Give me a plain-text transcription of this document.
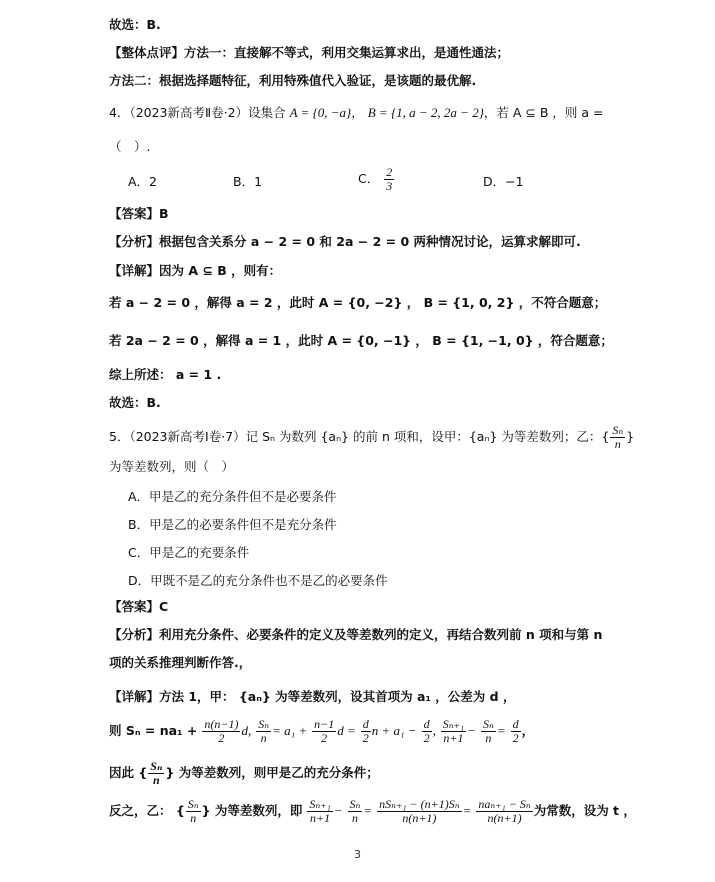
故选：B.
【整体点评】方法一：直接解不等式，利用交集运算求出，是通性通法；
方法二：根据选择题特征，利用特殊值代入验证，是该题的最优解.
4．（2023新高考Ⅱ卷·2）设集合 A = {0, −a}， B = {1, a − 2, 2a − 2}，若 A ⊆ B ，则 a =
（　）.
A．2	B．1	C． $\frac{2}{3}$	D．−1
【答案】B
【分析】根据包含关系分 a − 2 = 0 和 2a − 2 = 0 两种情况讨论，运算求解即可.
【详解】因为 A ⊆ B ，则有：
若 a − 2 = 0 ，解得 a = 2 ，此时 A = {0, −2} ， B = {1, 0, 2} ，不符合题意；
若 2a − 2 = 0 ，解得 a = 1 ，此时 A = {0, −1} ， B = {1, −1, 0} ，符合题意；
综上所述： a = 1 .
故选：B.
5．（2023新高考Ⅰ卷·7）记 Sₙ 为数列 {aₙ} 的前 n 项和，设甲：{aₙ} 为等差数列；乙：{ $\frac{\text{Sₙ}}{n}$ }
为等差数列，则（　）
A．甲是乙的充分条件但不是必要条件
B．甲是乙的必要条件但不是充分条件
C．甲是乙的充要条件
D．甲既不是乙的充分条件也不是乙的必要条件
【答案】C
【分析】利用充分条件、必要条件的定义及等差数列的定义，再结合数列前 n 项和与第 n
项的关系推理判断作答.，
【详解】方法 1，甲： {aₙ} 为等差数列，设其首项为 a₁ ，公差为 d ，
则 $S_n = na_1 + \frac{n(n-1)}{2} d$, $\frac{\text{Sₙ}}{n} = a_1 + \frac{n-1}{2}$ $d = \frac{d}{2}$ $n + a_1 - \frac{d}{2}$ , $\frac{\text{Sₙ₊₁}}{n+1} - \frac{\text{Sₙ}}{n} = \frac{d}{2}$ ，
因此 { $\frac{\text{Sₙ}}{n}$ } 为等差数列，则甲是乙的充分条件；
反之，乙： { $\frac{\text{Sₙ}}{n}$ } 为等差数列，即 $\frac{\text{Sₙ₊₁}}{n+1} - \frac{\text{Sₙ}}{n} = \frac{\text{nSₙ₊₁ − (n+1)Sₙ}}{n(n+1)} = \frac{\text{naₙ₊₁ − Sₙ}}{n(n+1)}$ 为常数，设为 t ，
3
